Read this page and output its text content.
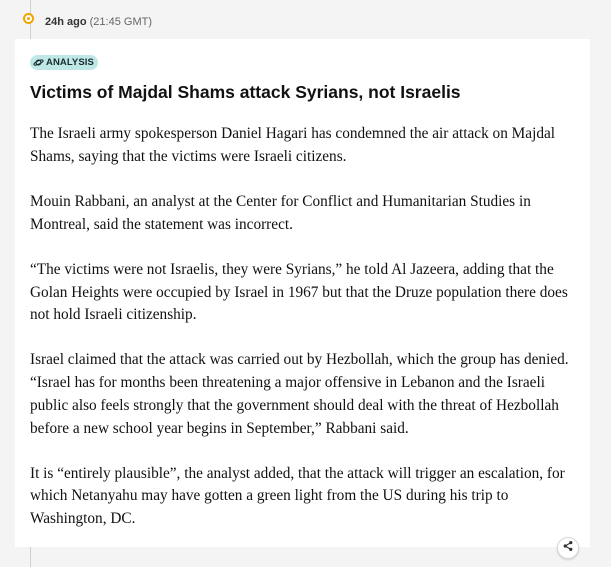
24h ago (21:45 GMT)
ANALYSIS
Victims of Majdal Shams attack Syrians, not Israelis

The Israeli army spokesperson Daniel Hagari has condemned the air attack on Majdal Shams, saying that the victims were Israeli citizens.

Mouin Rabbani, an analyst at the Center for Conflict and Humanitarian Studies in Montreal, said the statement was incorrect.

“The victims were not Israelis, they were Syrians,” he told Al Jazeera, adding that the Golan Heights were occupied by Israel in 1967 but that the Druze population there does not hold Israeli citizenship.

Israel claimed that the attack was carried out by Hezbollah, which the group has denied. “Israel has for months been threatening a major offensive in Lebanon and the Israeli public also feels strongly that the government should deal with the threat of Hezbollah before a new school year begins in September,” Rabbani said.

It is “entirely plausible”, the analyst added, that the attack will trigger an escalation, for which Netanyahu may have gotten a green light from the US during his trip to Washington, DC.
